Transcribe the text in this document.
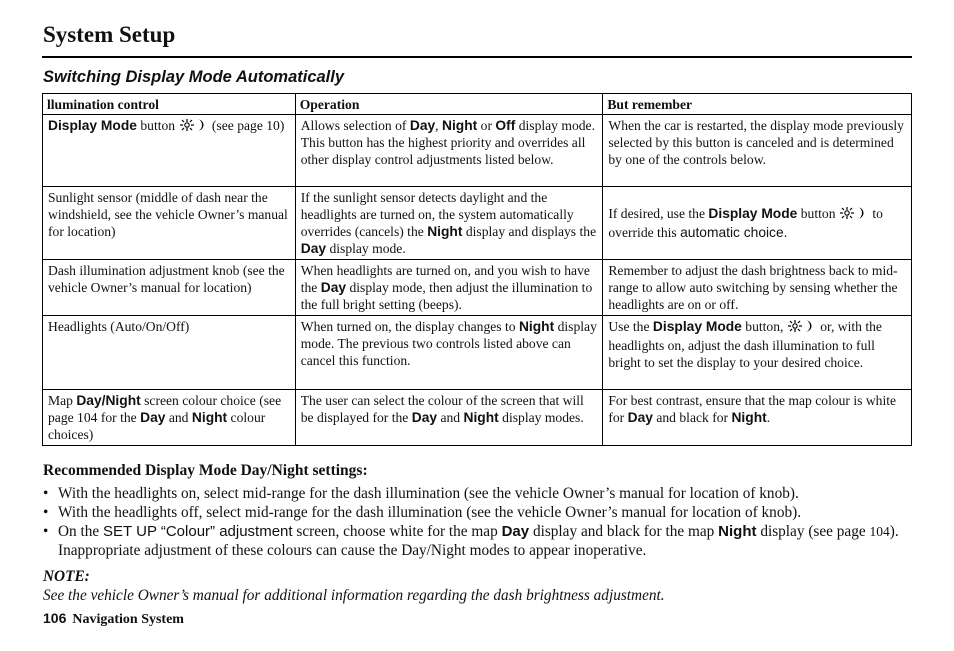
System Setup
Switching Display Mode Automatically
llumination control	Operation	But remember
Display Mode button (see page 10)	Allows selection of Day, Night or Off display mode. This button has the highest priority and overrides all other display control adjustments listed below.	When the car is restarted, the display mode previously selected by this button is canceled and is determined by one of the controls below.
Sunlight sensor (middle of dash near the windshield, see the vehicle Owner’s manual for location)	If the sunlight sensor detects daylight and the headlights are turned on, the system automatically overrides (cancels) the Night display and displays the Day display mode.	If desired, use the Display Mode button to override this automatic choice.
Dash illumination adjustment knob (see the vehicle Owner’s manual for location)	When headlights are turned on, and you wish to have the Day display mode, then adjust the illumination to the full bright setting (beeps).	Remember to adjust the dash brightness back to mid-range to allow auto switching by sensing whether the headlights are on or off.
Headlights (Auto/On/Off)	When turned on, the display changes to Night display mode. The previous two controls listed above can cancel this function.	Use the Display Mode button, or, with the headlights on, adjust the dash illumination to full bright to set the display to your desired choice.
Map Day/Night screen colour choice (see page 104 for the Day and Night colour choices)	The user can select the colour of the screen that will be displayed for the Day and Night display modes.	For best contrast, ensure that the map colour is white for Day and black for Night.
Recommended Display Mode Day/Night settings:
• With the headlights on, select mid-range for the dash illumination (see the vehicle Owner’s manual for location of knob).
• With the headlights off, select mid-range for the dash illumination (see the vehicle Owner’s manual for location of knob).
• On the SET UP “Colour” adjustment screen, choose white for the map Day display and black for the map Night display (see page 104). Inappropriate adjustment of these colours can cause the Day/Night modes to appear inoperative.
NOTE:
See the vehicle Owner’s manual for additional information regarding the dash brightness adjustment.
106 Navigation System
